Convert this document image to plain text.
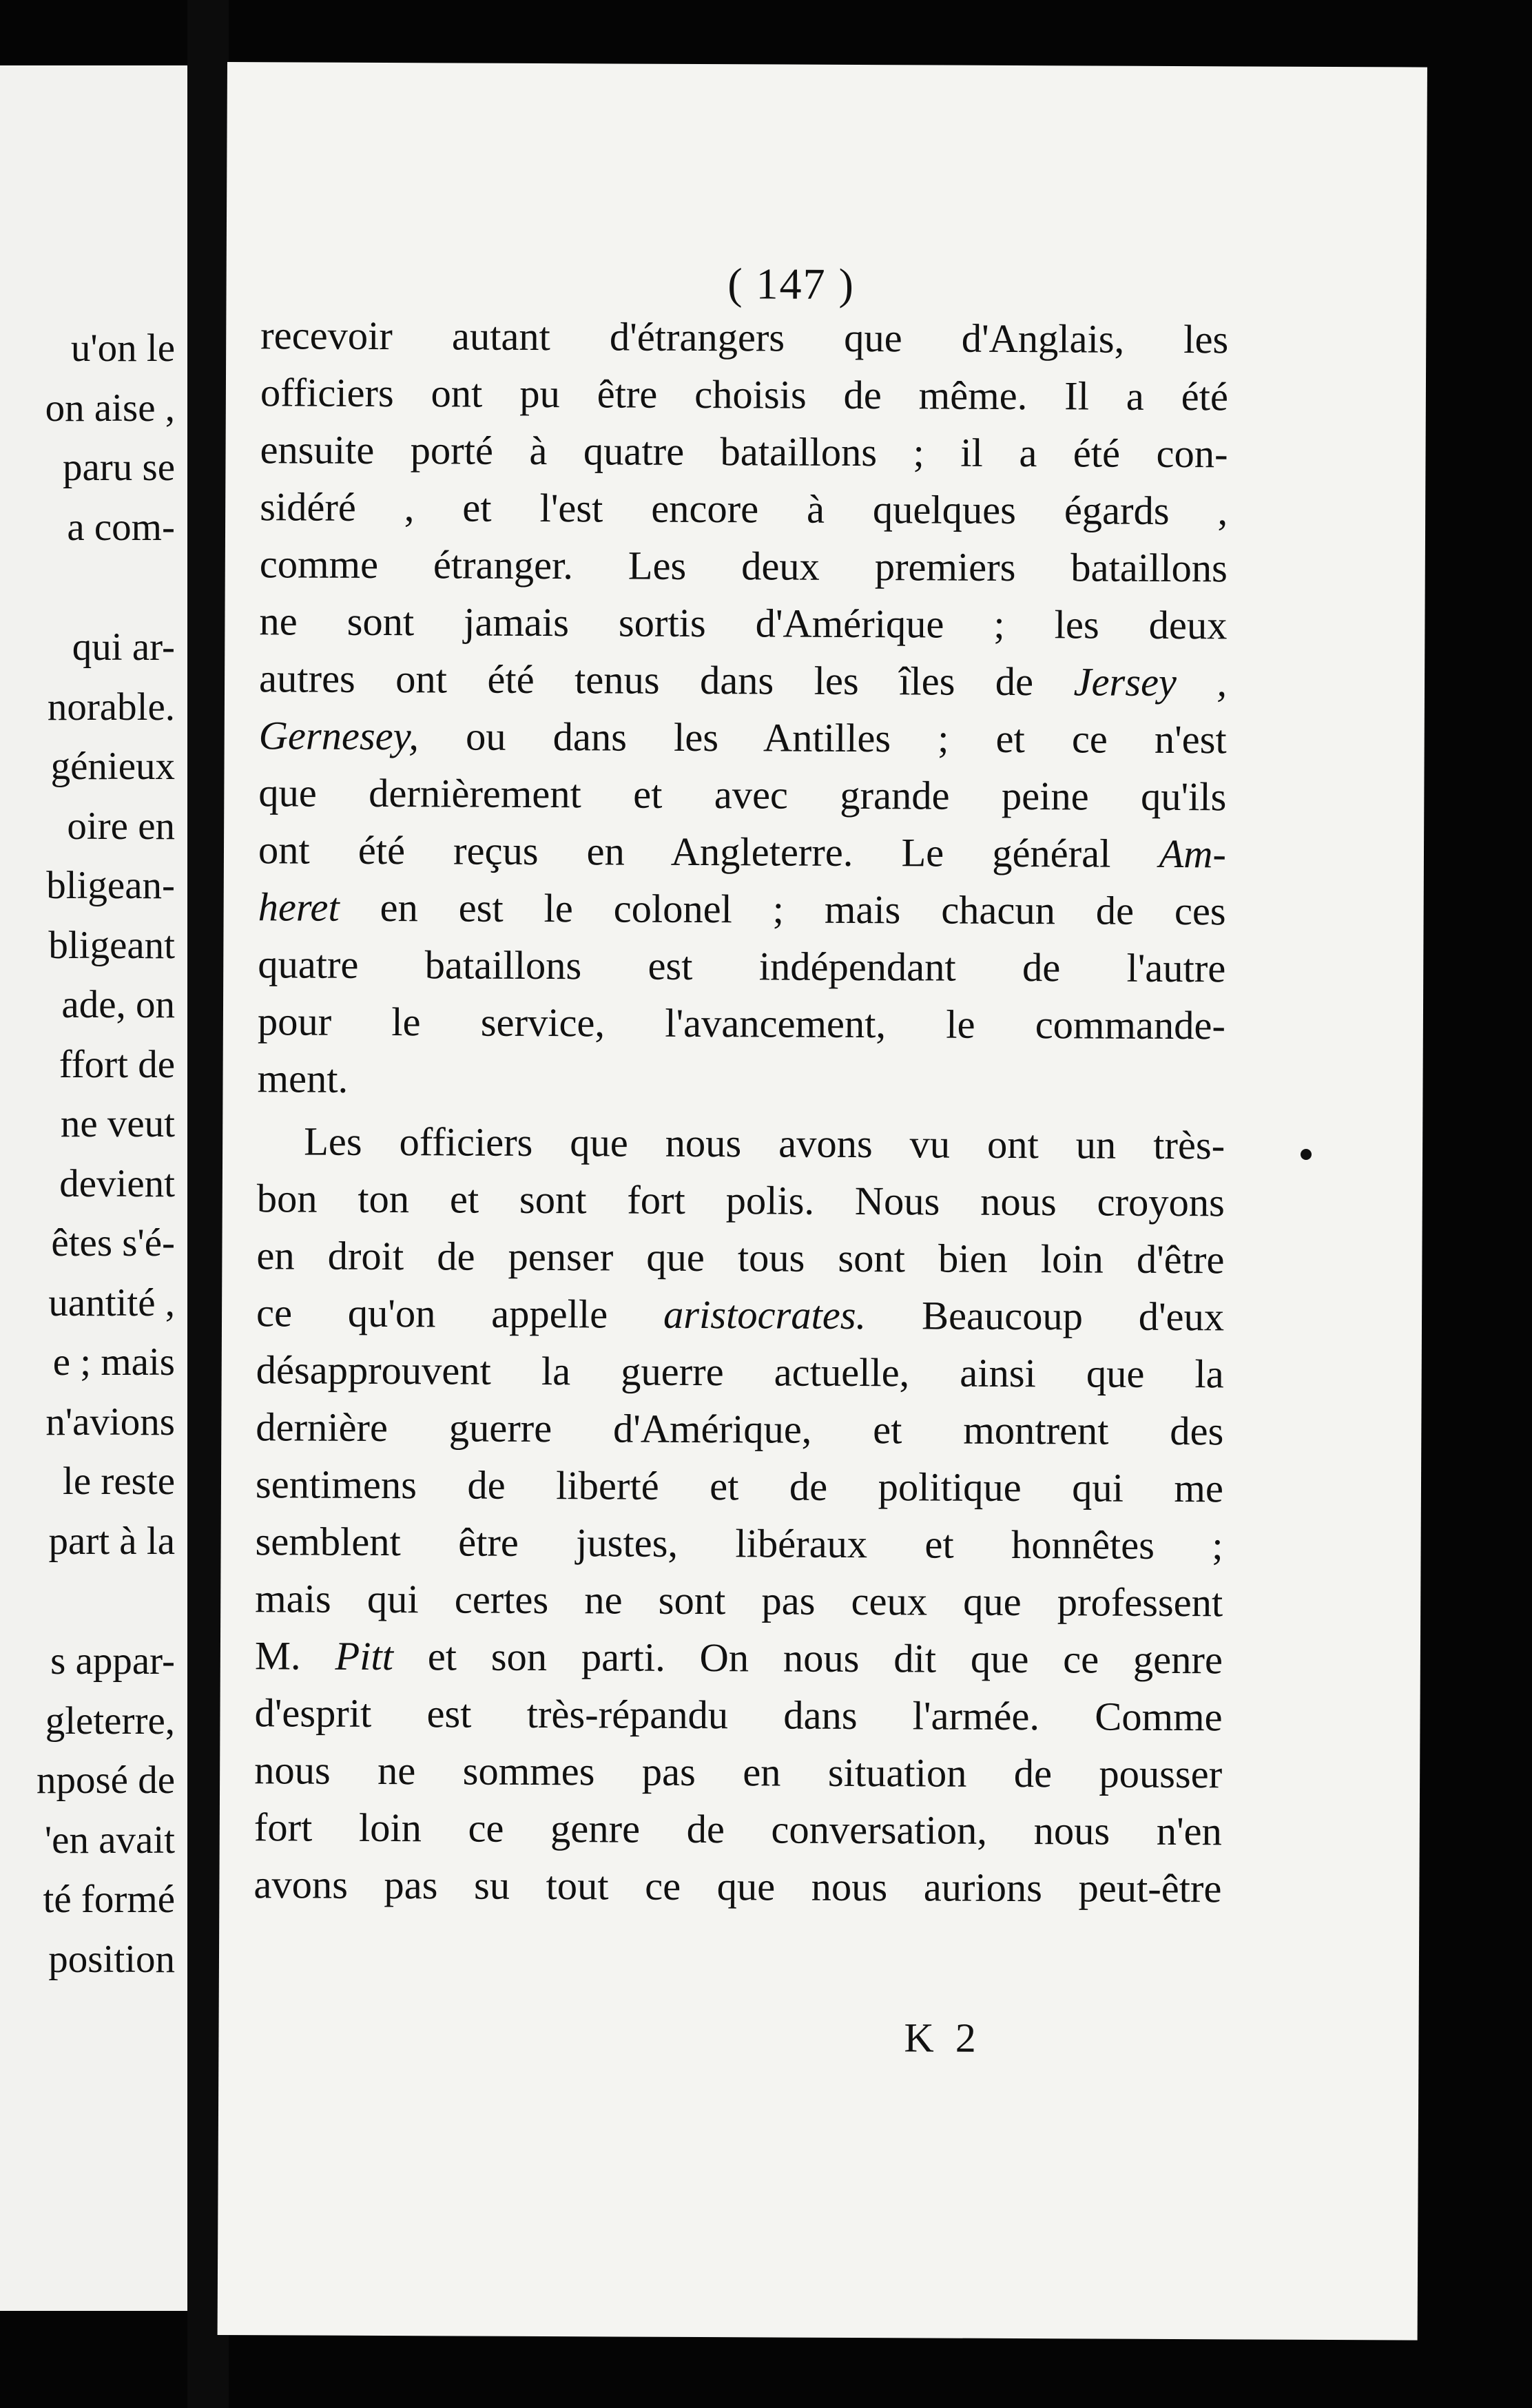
u'on le
on aise ,
paru se
a com-
qui ar-
norable.
génieux
oire en
bligean-
bligeant
ade, on
ffort de
ne veut
devient
êtes s'é-
uantité ,
e ; mais
n'avions
le reste
part à la
s appar-
gleterre,
nposé de
'en avait
té formé
position
( 147 )
recevoir autant d'étrangers que d'Anglais, les
officiers ont pu être choisis de même. Il a été
ensuite porté à quatre bataillons ; il a été con-
sidéré , et l'est encore à quelques égards ,
comme étranger. Les deux premiers bataillons
ne sont jamais sortis d'Amérique ; les deux
autres ont été tenus dans les îles de Jersey ,
Gernesey, ou dans les Antilles ; et ce n'est
que dernièrement et avec grande peine qu'ils
ont été reçus en Angleterre. Le général Am-
heret en est le colonel ; mais chacun de ces
quatre bataillons est indépendant de l'autre
pour le service, l'avancement, le commande-
ment.
Les officiers que nous avons vu ont un très-
bon ton et sont fort polis. Nous nous croyons
en droit de penser que tous sont bien loin d'être
ce qu'on appelle aristocrates. Beaucoup d'eux
désapprouvent la guerre actuelle, ainsi que la
dernière guerre d'Amérique, et montrent des
sentimens de liberté et de politique qui me
semblent être justes, libéraux et honnêtes ;
mais qui certes ne sont pas ceux que professent
M. Pitt et son parti. On nous dit que ce genre
d'esprit est très-répandu dans l'armée. Comme
nous ne sommes pas en situation de pousser
fort loin ce genre de conversation, nous n'en
avons pas su tout ce que nous aurions peut-être
K 2
